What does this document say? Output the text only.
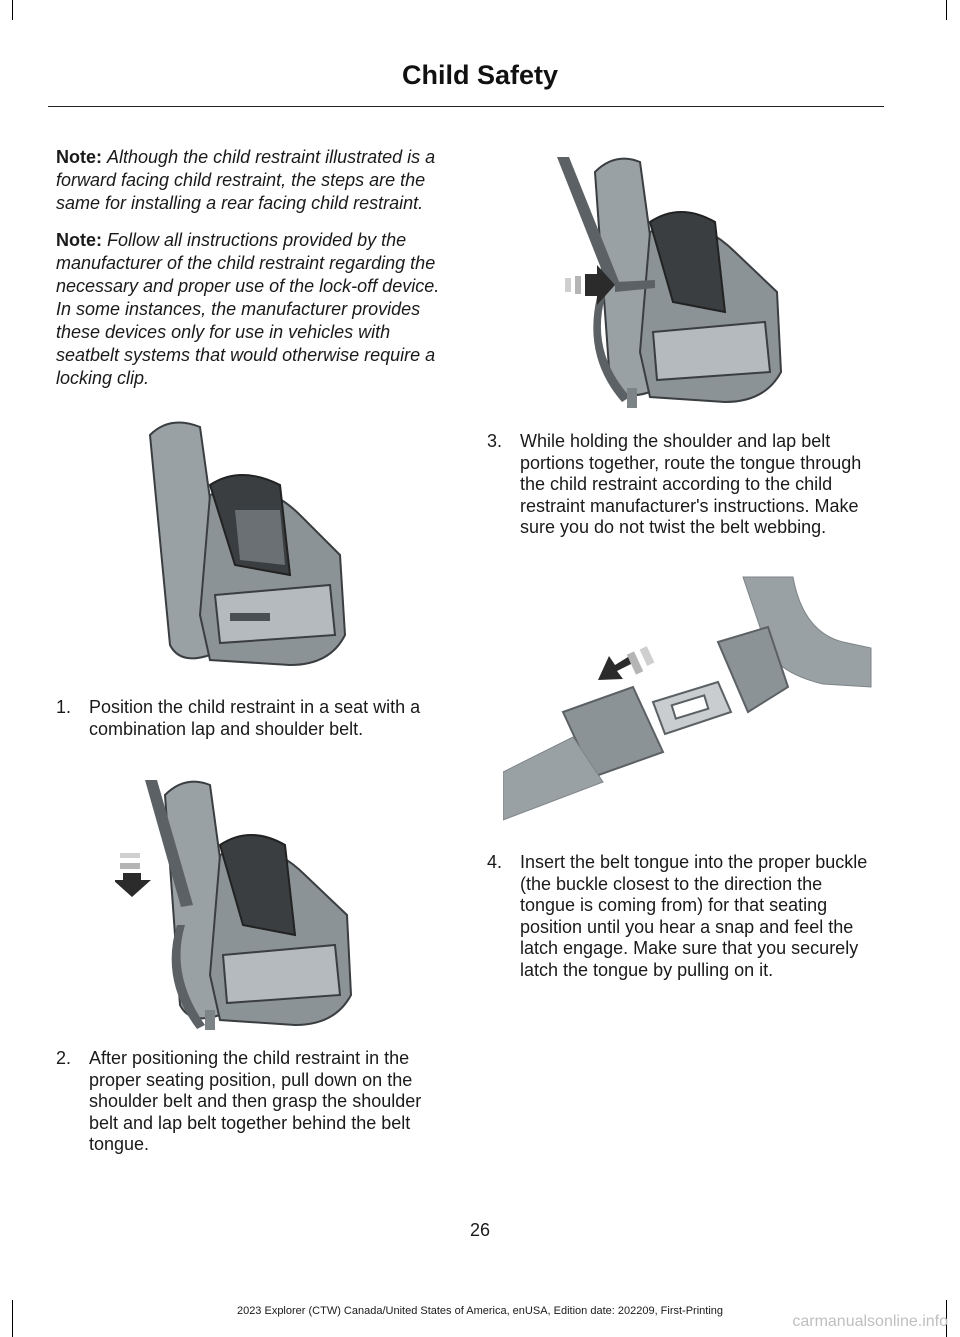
Child Safety

Note: Although the child restraint illustrated is a forward facing child restraint, the steps are the same for installing a rear facing child restraint.

Note: Follow all instructions provided by the manufacturer of the child restraint regarding the necessary and proper use of the lock-off device. In some instances, the manufacturer provides these devices only for use in vehicles with seatbelt systems that would otherwise require a locking clip.

1. Position the child restraint in a seat with a combination lap and shoulder belt.
2. After positioning the child restraint in the proper seating position, pull down on the shoulder belt and then grasp the shoulder belt and lap belt together behind the belt tongue.
3. While holding the shoulder and lap belt portions together, route the tongue through the child restraint according to the child restraint manufacturer's instructions. Make sure you do not twist the belt webbing.
4. Insert the belt tongue into the proper buckle (the buckle closest to the direction the tongue is coming from) for that seating position until you hear a snap and feel the latch engage. Make sure that you securely latch the tongue by pulling on it.
26
2023 Explorer (CTW) Canada/United States of America, enUSA, Edition date: 202209, First-Printing
carmanualsonline.info
